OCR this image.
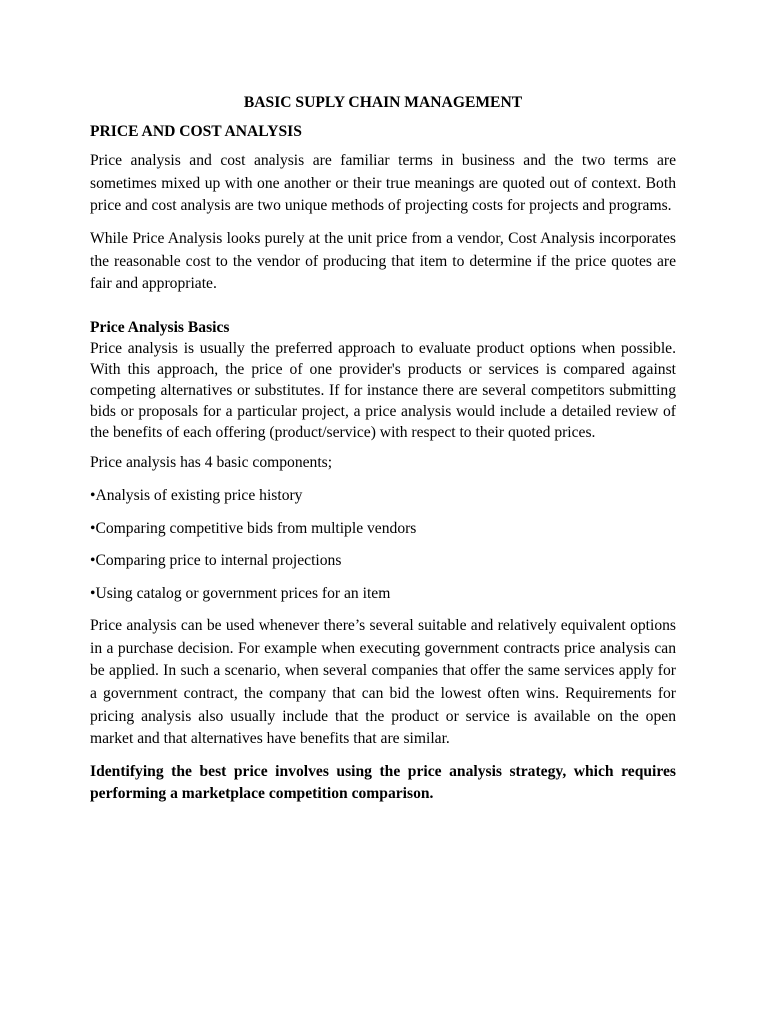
BASIC SUPLY CHAIN MANAGEMENT
PRICE AND COST ANALYSIS

Price analysis and cost analysis are familiar terms in business and the two terms are sometimes mixed up with one another or their true meanings are quoted out of context. Both price and cost analysis are two unique methods of projecting costs for projects and programs.

While Price Analysis looks purely at the unit price from a vendor, Cost Analysis incorporates the reasonable cost to the vendor of producing that item to determine if the price quotes are fair and appropriate.

Price Analysis Basics
Price analysis is usually the preferred approach to evaluate product options when possible. With this approach, the price of one provider's products or services is compared against competing alternatives or substitutes. If for instance there are several competitors submitting bids or proposals for a particular project, a price analysis would include a detailed review of the benefits of each offering (product/service) with respect to their quoted prices.

Price analysis has 4 basic components;

•Analysis of existing price history
•Comparing competitive bids from multiple vendors
•Comparing price to internal projections
•Using catalog or government prices for an item

Price analysis can be used whenever there’s several suitable and relatively equivalent options in a purchase decision. For example when executing government contracts price analysis can be applied. In such a scenario, when several companies that offer the same services apply for a government contract, the company that can bid the lowest often wins. Requirements for pricing analysis also usually include that the product or service is available on the open market and that alternatives have benefits that are similar.

Identifying the best price involves using the price analysis strategy, which requires performing a marketplace competition comparison.
